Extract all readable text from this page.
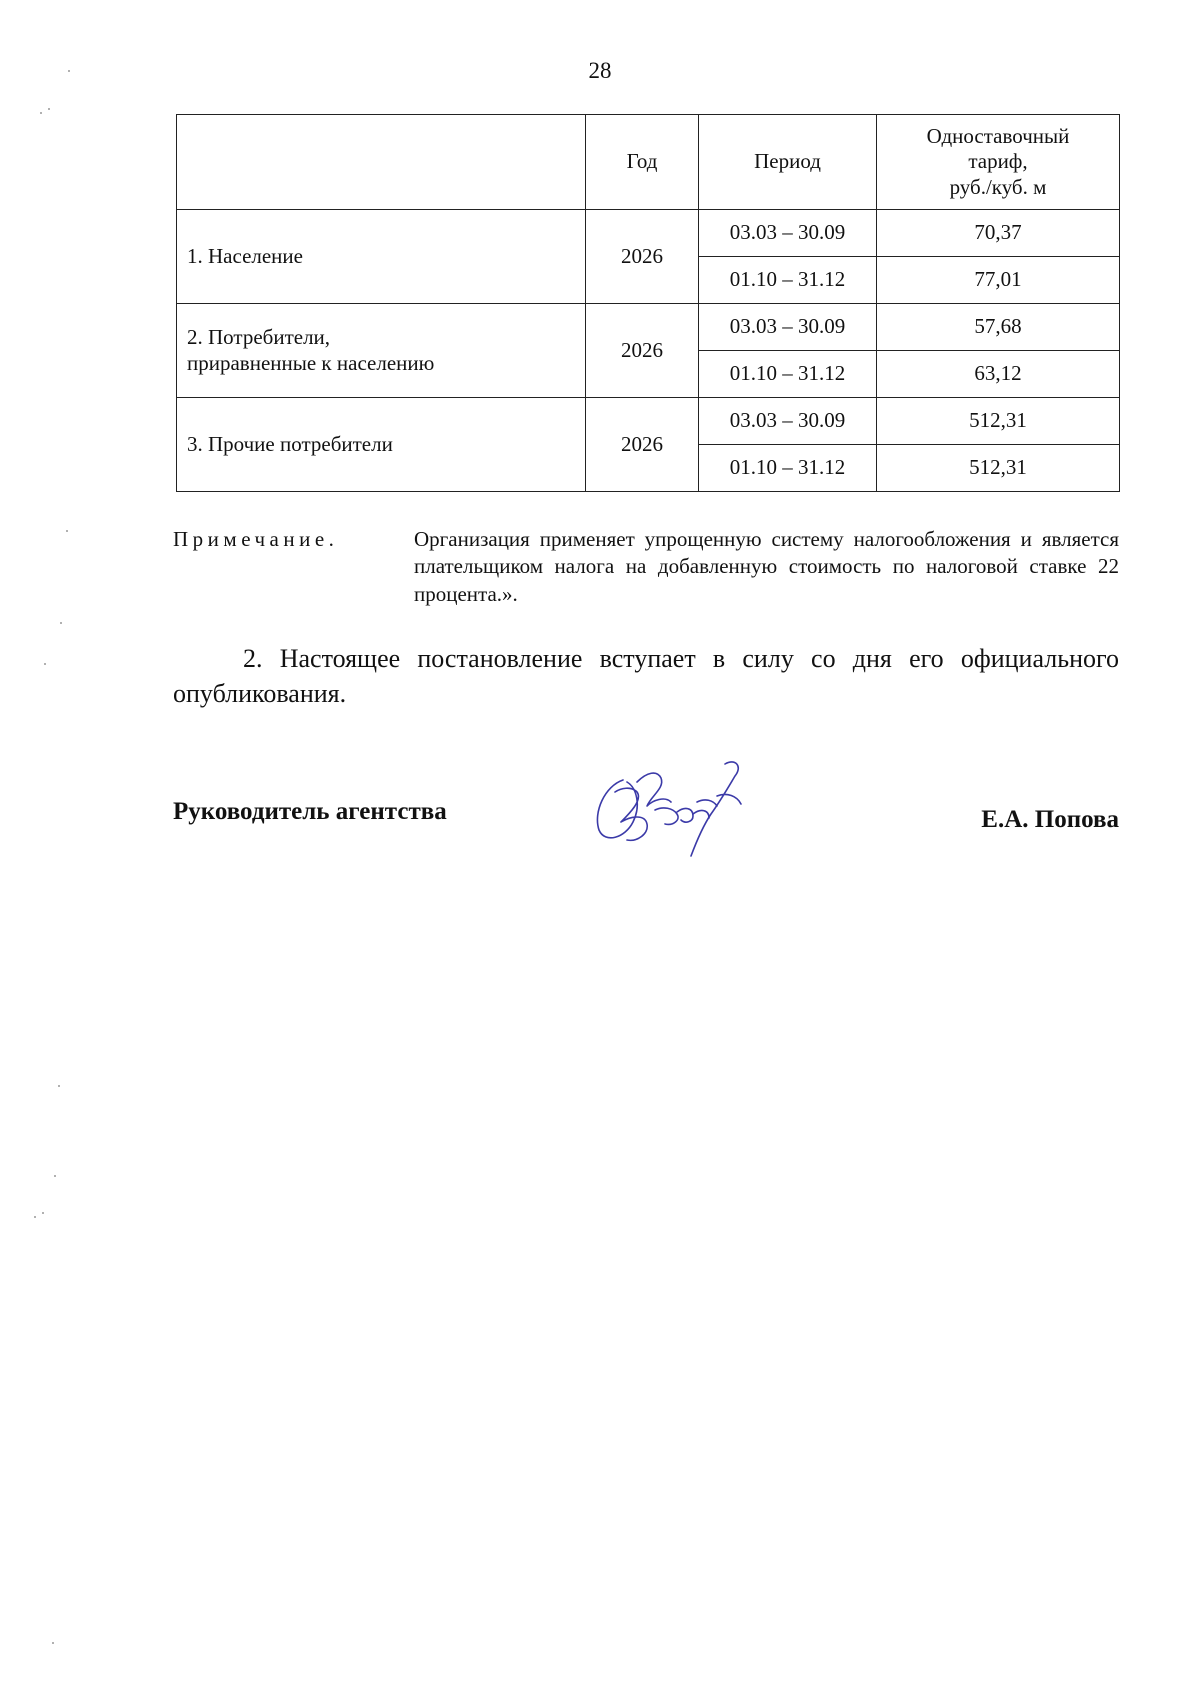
28
	Год	Период	Одноставочный
тариф,
руб./куб. м
1. Население	2026	03.03 – 30.09	70,37
		01.10 – 31.12	77,01
2. Потребители,
приравненные к населению	2026	03.03 – 30.09	57,68
		01.10 – 31.12	63,12
3. Прочие потребители	2026	03.03 – 30.09	512,31
		01.10 – 31.12	512,31
Примечание.	Организация применяет упрощенную систему налогообложения и является плательщиком налога на добавленную стоимость по налоговой ставке 22 процента.».
2. Настоящее постановление вступает в силу со дня его официального опубликования.
Руководитель агентства	Е.А. Попова
